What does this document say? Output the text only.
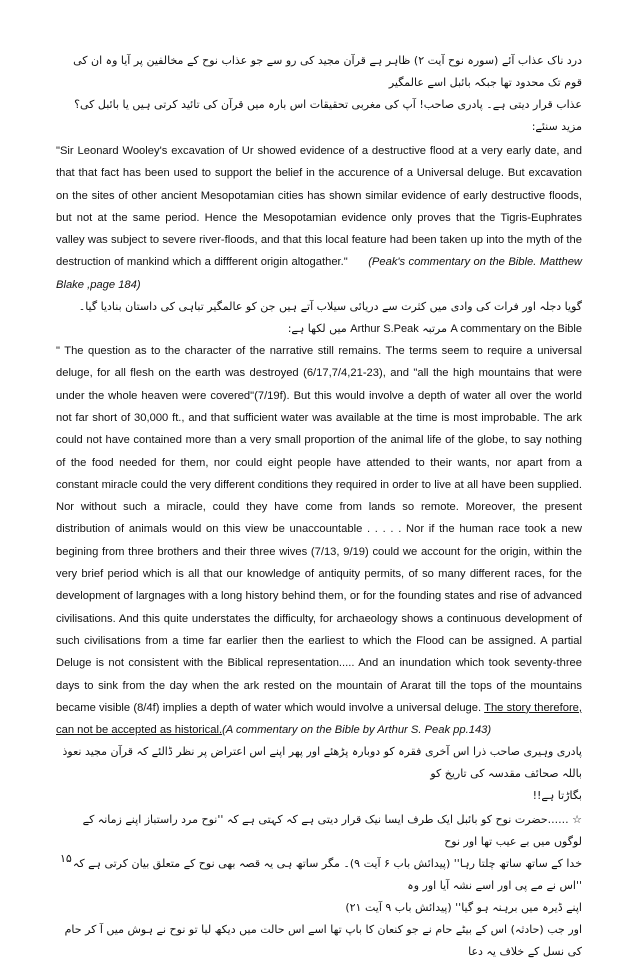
درد ناک عذاب آئے (سورہ نوح آیت ۲) ظاہر ہے قرآن مجید کی رو سے جو عذاب نوح کے مخالفین پر آیا وہ ان کی قوم تک محدود تھا جبکہ بائبل اسے عالمگیر

عذاب قرار دیتی ہے۔ پادری صاحب! آپ کی مغربی تحقیقات اس بارہ میں قرآن کی تائید کرتی ہیں یا بائبل کی؟ مزید سنئے:

"Sir Leonard Wooley's excavation of Ur showed evidence of a destructive flood at a very early date, and that that fact has been used to support the belief in the accurence of a Universal deluge. But excavation on the sites of other ancient Mesopotamian cities has shown similar evidence of early destructive floods, but not at the same period. Hence the Mesopotamian evidence only proves that the Tigris-Euphrates valley was subject to severe river-floods, and that this local feature had been taken up into the myth of the destruction of mankind which a diffferent origin altogather." (Peak's commentary on the Bible. Matthew Blake ,page 184)

گویا دجلہ اور فرات کی وادی میں کثرت سے دریائی سیلاب آتے ہیں جن کو عالمگیر تباہی کی داستان بنادیا گیا۔

A commentary on the Bible مرتبہ Arthur S.Peak میں لکھا ہے:

" The question as to the character of the narrative still remains. The terms seem to require a universal deluge, for all flesh on the earth was destroyed (6/17,7/4,21-23), and "all the high mountains that were under the whole heaven were covered"(7/19f). But this would involve a depth of water all over the world not far short of 30,000 ft., and that sufficient water was available at the time is most improbable. The ark could not have contained more than a very small proportion of the animal life of the globe, to say nothing of the food needed for them, nor could eight people have attended to their wants, nor apart from a constant miracle could the very different conditions they required in order to live at all have been supplied. Nor without such a miracle, could they have come from lands so remote. Moreover, the present distribution of animals would on this view be unaccountable . . . . . Nor if the human race took a new begining from three brothers and their three wives (7/13, 9/19) could we account for the origin, within the very brief period which is all that our knowledge of antiquity permits, of so many different races, for the development of largnages with a long history behind them, or for the founding states and rise of advanced civilisations. And this quite understates the difficulty, for archaeology shows a continuous development of such civilisations from a time far earlier then the earliest to which the Flood can be assigned. A partial Deluge is not consistent with the Biblical representation..... And an inundation which took seventy-three days to sink from the day when the ark rested on the mountain of Ararat till the tops of the mountains became visible (8/4f) implies a depth of water which would involve a universal deluge. The story therefore, can not be accepted as historical.(A commentary on the Bible by Arthur S. Peak pp.143)

پادری وہیری صاحب ذرا اس آخری فقرہ کو دوبارہ پڑھئے اور پھر اپنے اس اعتراض پر نظر ڈالئے کہ قرآن مجید نعوذ باللہ صحائف مقدسہ کی تاریخ کو

بگاڑتا ہے!!

☆ ......حضرت نوح کو بائبل ایک طرف ایسا نیک قرار دیتی ہے کہ کہتی ہے کہ ''نوح مرد راستباز اپنے زمانہ کے لوگوں میں بے عیب تھا اور نوح

خدا کے ساتھ ساتھ چلتا رہا'' (پیدائش باب ۶ آیت ۹)۔ مگر ساتھ ہی یہ قصہ بھی نوح کے متعلق بیان کرتی ہے کہ ''اس نے مے پی اور اسے نشہ آیا اور وہ

اپنے ڈیرہ میں برہنہ ہو گیا'' (پیدائش باب ۹ آیت ۲۱)

اور جب (حادثہ) اس کے بیٹے حام نے جو کنعان کا باپ تھا اسے اس حالت میں دیکھ لیا تو نوح نے ہوش میں آ کر حام کی نسل کے خلاف یہ دعا

۱۵
